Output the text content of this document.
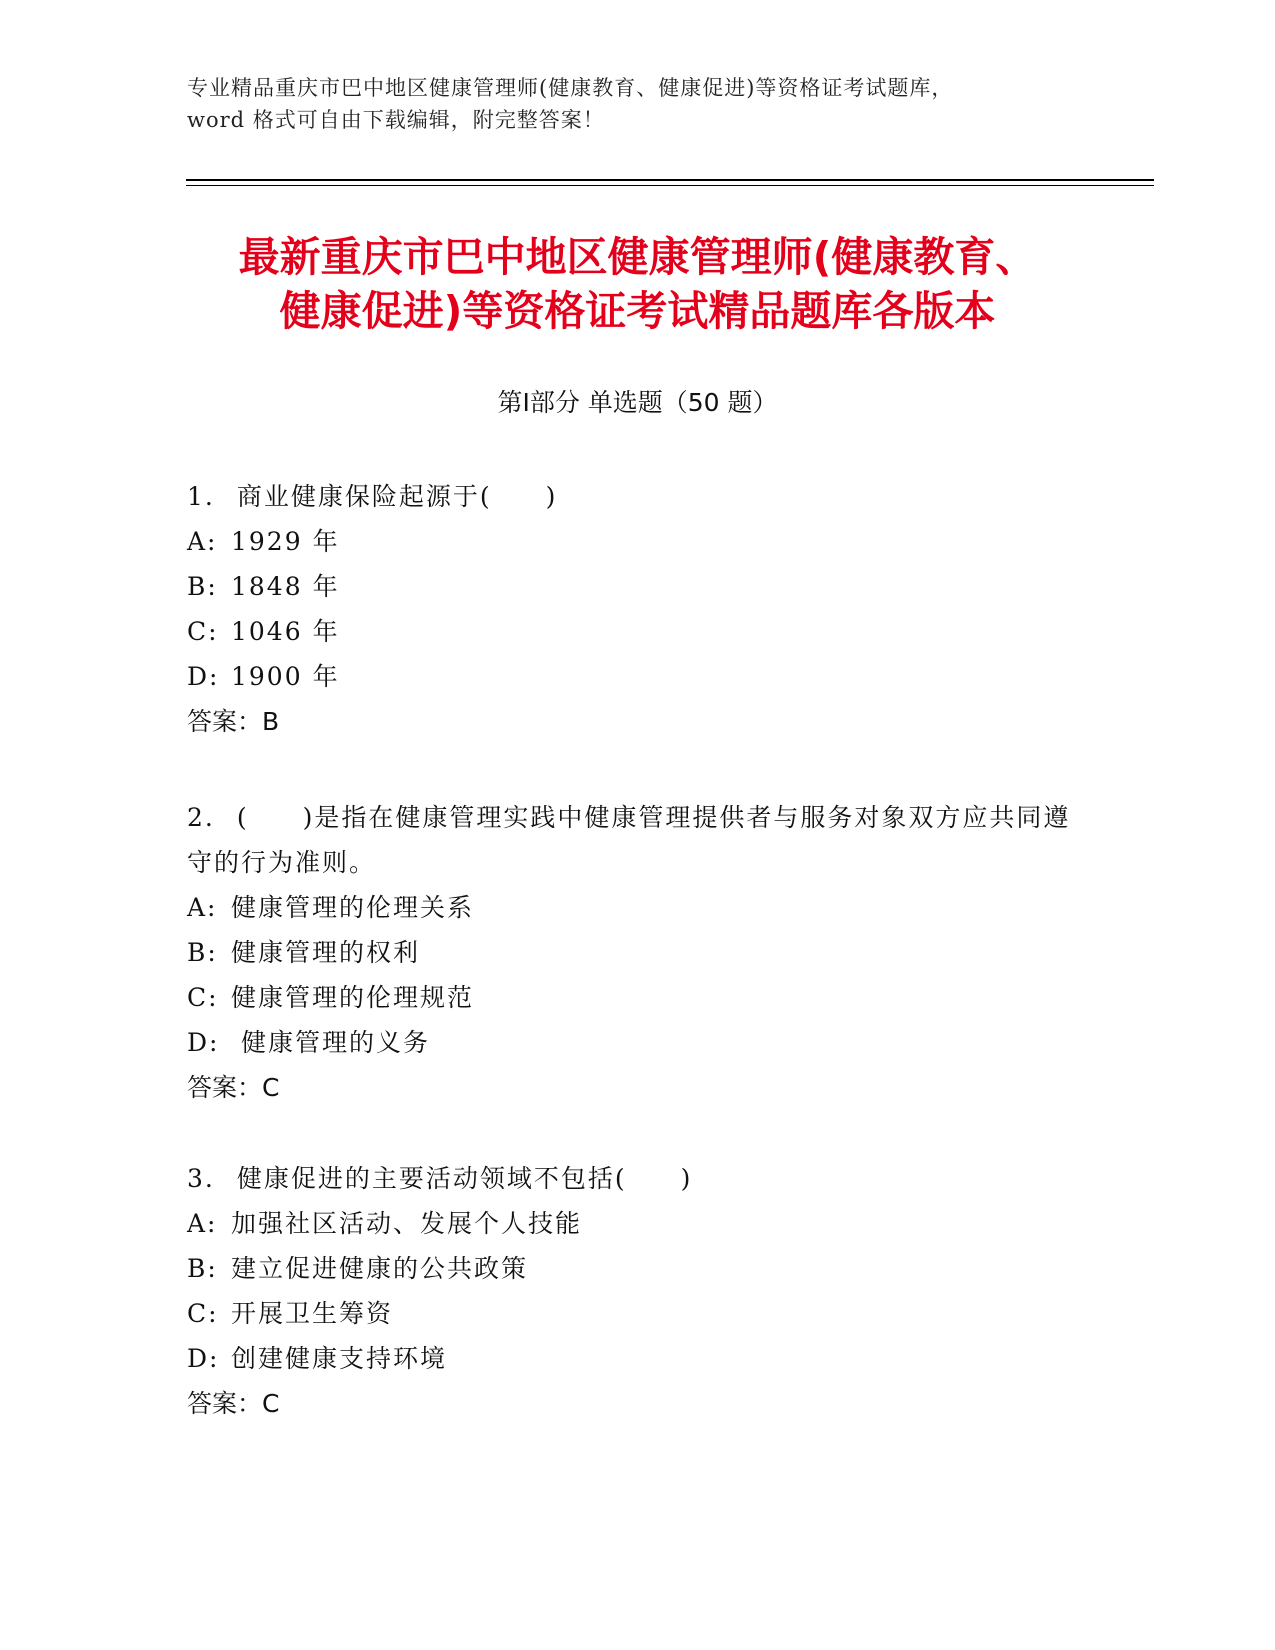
专业精品重庆市巴中地区健康管理师(健康教育、健康促进)等资格证考试题库，
word 格式可自由下载编辑，附完整答案！
最新重庆市巴中地区健康管理师(健康教育、
健康促进)等资格证考试精品题库各版本
第Ⅰ部分 单选题（50 题）
1. 商业健康保险起源于(　　)
A: 1929 年
B: 1848 年
C: 1046 年
D: 1900 年
答案：B
2. (　　)是指在健康管理实践中健康管理提供者与服务对象双方应共同遵守的行为准则。
A: 健康管理的伦理关系
B: 健康管理的权利
C: 健康管理的伦理规范
D: 健康管理的义务
答案：C
3. 健康促进的主要活动领域不包括(　　)
A: 加强社区活动、发展个人技能
B: 建立促进健康的公共政策
C: 开展卫生筹资
D: 创建健康支持环境
答案：C
